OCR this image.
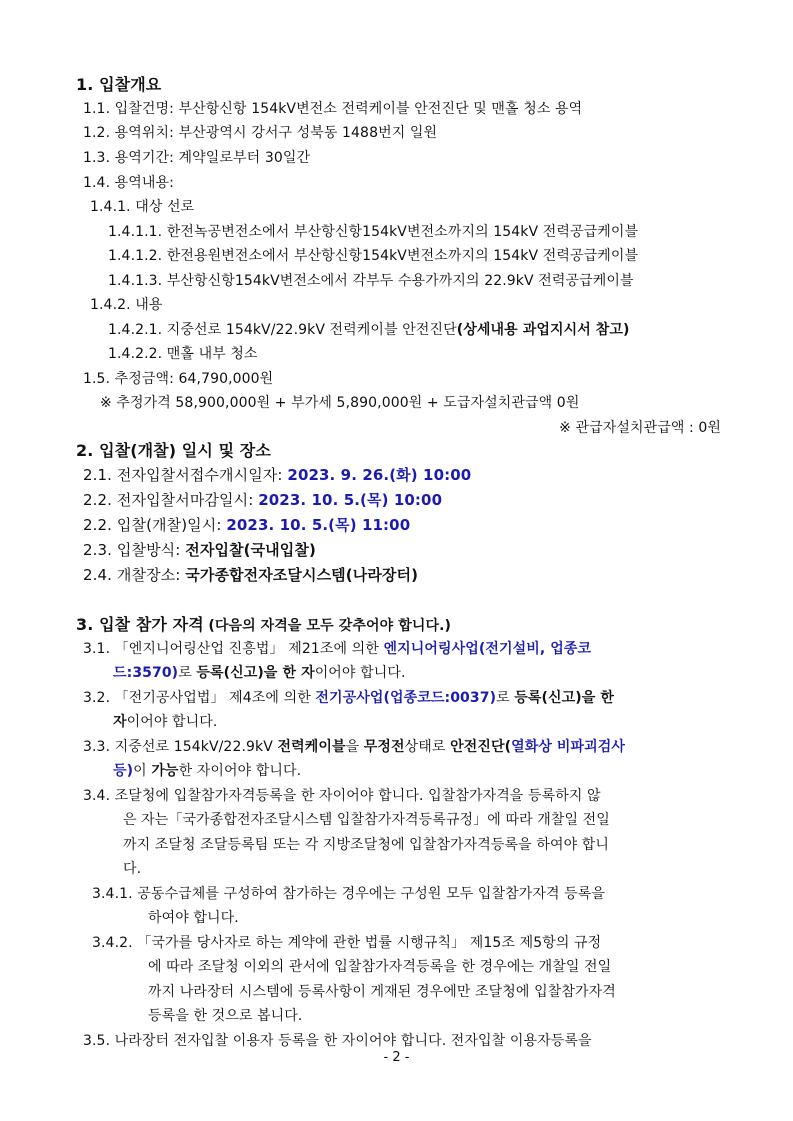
1. 입찰개요
1.1. 입찰건명: 부산항신항 154kV변전소 전력케이블 안전진단 및 맨홀 청소 용역
1.2. 용역위치: 부산광역시 강서구 성북동 1488번지 일원
1.3. 용역기간: 계약일로부터 30일간
1.4. 용역내용:
1.4.1. 대상 선로
1.4.1.1. 한전녹공변전소에서 부산항신항154kV변전소까지의 154kV 전력공급케이블
1.4.1.2. 한전용원변전소에서 부산항신항154kV변전소까지의 154kV 전력공급케이블
1.4.1.3. 부산항신항154kV변전소에서 각부두 수용가까지의 22.9kV 전력공급케이블
1.4.2. 내용
1.4.2.1. 지중선로 154kV/22.9kV 전력케이블 안전진단(상세내용 과업지시서 참고)
1.4.2.2. 맨홀 내부 청소
1.5. 추정금액: 64,790,000원
※ 추정가격 58,900,000원 + 부가세 5,890,000원 + 도급자설치관급액 0원
※ 관급자설치관급액 : 0원
2. 입찰(개찰) 일시 및 장소
2.1. 전자입찰서접수개시일자: 2023. 9. 26.(화) 10:00
2.2. 전자입찰서마감일시: 2023. 10. 5.(목) 10:00
2.2. 입찰(개찰)일시: 2023. 10. 5.(목) 11:00
2.3. 입찰방식: 전자입찰(국내입찰)
2.4. 개찰장소: 국가종합전자조달시스템(나라장터)
3. 입찰 참가 자격 (다음의 자격을 모두 갖추어야 합니다.)
3.1. 「엔지니어링산업 진흥법」 제21조에 의한 엔지니어링사업(전기설비, 업종코
드:3570)로 등록(신고)을 한 자이어야 합니다.
3.2. 「전기공사업법」 제4조에 의한 전기공사업(업종코드:0037)로 등록(신고)을 한
자이어야 합니다.
3.3. 지중선로 154kV/22.9kV 전력케이블을 무정전상태로 안전진단(열화상 비파괴검사
등)이 가능한 자이어야 합니다.
3.4. 조달청에 입찰참가자격등록을 한 자이어야 합니다. 입찰참가자격을 등록하지 않
은 자는「국가종합전자조달시스템 입찰참가자격등록규정」에 따라 개찰일 전일
까지 조달청 조달등록팀 또는 각 지방조달청에 입찰참가자격등록을 하여야 합니
다.
3.4.1. 공동수급체를 구성하여 참가하는 경우에는 구성원 모두 입찰참가자격 등록을
하여야 합니다.
3.4.2. 「국가를 당사자로 하는 계약에 관한 법률 시행규칙」 제15조 제5항의 규정
에 따라 조달청 이외의 관서에 입찰참가자격등록을 한 경우에는 개찰일 전일
까지 나라장터 시스템에 등록사항이 게재된 경우에만 조달청에 입찰참가자격
등록을 한 것으로 봅니다.
3.5. 나라장터 전자입찰 이용자 등록을 한 자이어야 합니다. 전자입찰 이용자등록을
- 2 -
